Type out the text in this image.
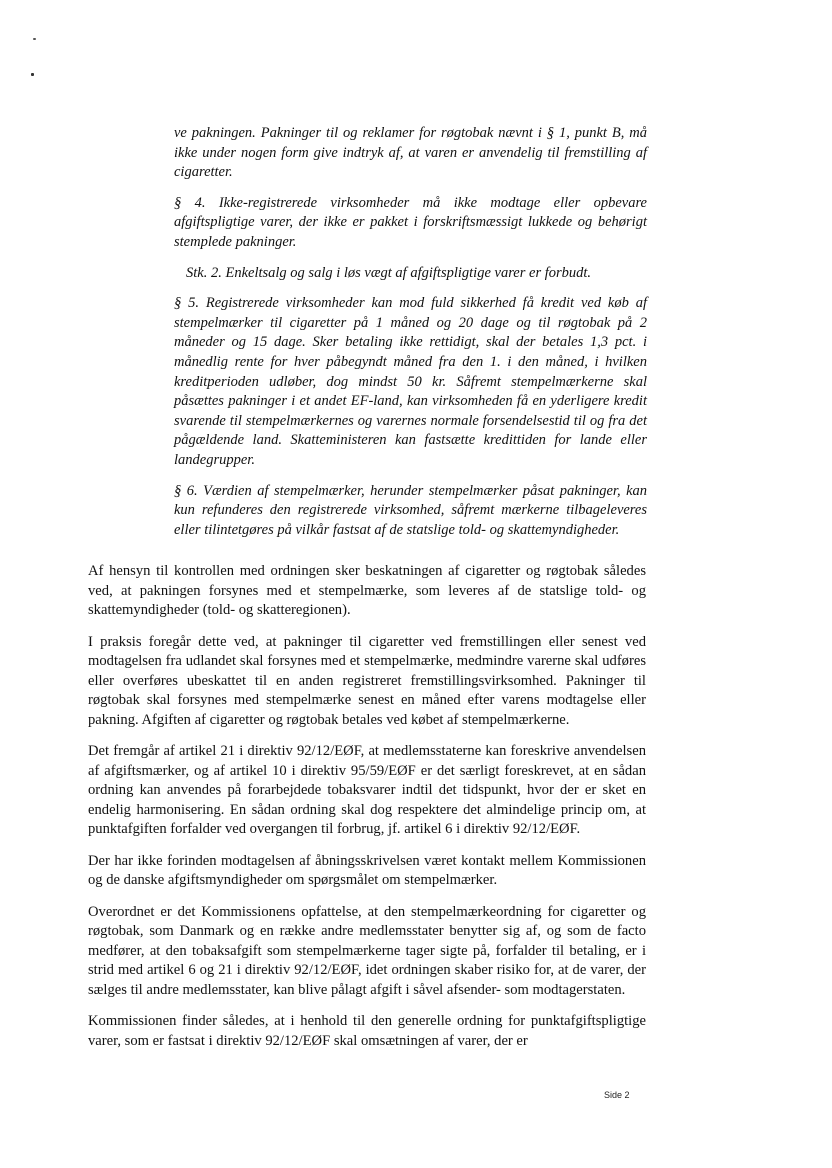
ve pakningen. Pakninger til og reklamer for røgtobak nævnt i § 1, punkt B, må ikke under nogen form give indtryk af, at varen er anvendelig til fremstilling af cigaretter.

§ 4. Ikke-registrerede virksomheder må ikke modtage eller opbevare afgiftspligtige varer, der ikke er pakket i forskriftsmæssigt lukkede og behørigt stemplede pakninger.

Stk. 2. Enkeltsalg og salg i løs vægt af afgiftspligtige varer er forbudt.

§ 5. Registrerede virksomheder kan mod fuld sikkerhed få kredit ved køb af stempelmærker til cigaretter på 1 måned og 20 dage og til røgtobak på 2 måneder og 15 dage. Sker betaling ikke rettidigt, skal der betales 1,3 pct. i månedlig rente for hver påbegyndt måned fra den 1. i den måned, i hvilken kreditperioden udløber, dog mindst 50 kr. Såfremt stempelmærkerne skal påsættes pakninger i et andet EF-land, kan virksomheden få en yderligere kredit svarende til stempelmærkernes og varernes normale forsendelsestid til og fra det pågældende land. Skatteministeren kan fastsætte kredittiden for lande eller landegrupper.

§ 6. Værdien af stempelmærker, herunder stempelmærker påsat pakninger, kan kun refunderes den registrerede virksomhed, såfremt mærkerne tilbageleveres eller tilintetgøres på vilkår fastsat af de statslige told- og skattemyndigheder.

Af hensyn til kontrollen med ordningen sker beskatningen af cigaretter og røgtobak således ved, at pakningen forsynes med et stempelmærke, som leveres af de statslige told- og skattemyndigheder (told- og skatteregionen).

I praksis foregår dette ved, at pakninger til cigaretter ved fremstillingen eller senest ved modtagelsen fra udlandet skal forsynes med et stempelmærke, medmindre varerne skal udføres eller overføres ubeskattet til en anden registreret fremstillingsvirksomhed. Pakninger til røgtobak skal forsynes med stempelmærke senest en måned efter varens modtagelse eller pakning. Afgiften af cigaretter og røgtobak betales ved købet af stempelmærkerne.

Det fremgår af artikel 21 i direktiv 92/12/EØF, at medlemsstaterne kan foreskrive anvendelsen af afgiftsmærker, og af artikel 10 i direktiv 95/59/EØF er det særligt foreskrevet, at en sådan ordning kan anvendes på forarbejdede tobaksvarer indtil det tidspunkt, hvor der er sket en endelig harmonisering. En sådan ordning skal dog respektere det almindelige princip om, at punktafgiften forfalder ved overgangen til forbrug, jf. artikel 6 i direktiv 92/12/EØF.

Der har ikke forinden modtagelsen af åbningsskrivelsen været kontakt mellem Kommissionen og de danske afgiftsmyndigheder om spørgsmålet om stempelmærker.

Overordnet er det Kommissionens opfattelse, at den stempelmærkeordning for cigaretter og røgtobak, som Danmark og en række andre medlemsstater benytter sig af, og som de facto medfører, at den tobaksafgift som stempelmærkerne tager sigte på, forfalder til betaling, er i strid med artikel 6 og 21 i direktiv 92/12/EØF, idet ordningen skaber risiko for, at de varer, der sælges til andre medlemsstater, kan blive pålagt afgift i såvel afsender- som modtagerstaten.

Kommissionen finder således, at i henhold til den generelle ordning for punktafgiftspligtige varer, som er fastsat i direktiv 92/12/EØF skal omsætningen af varer, der er

Side 2
